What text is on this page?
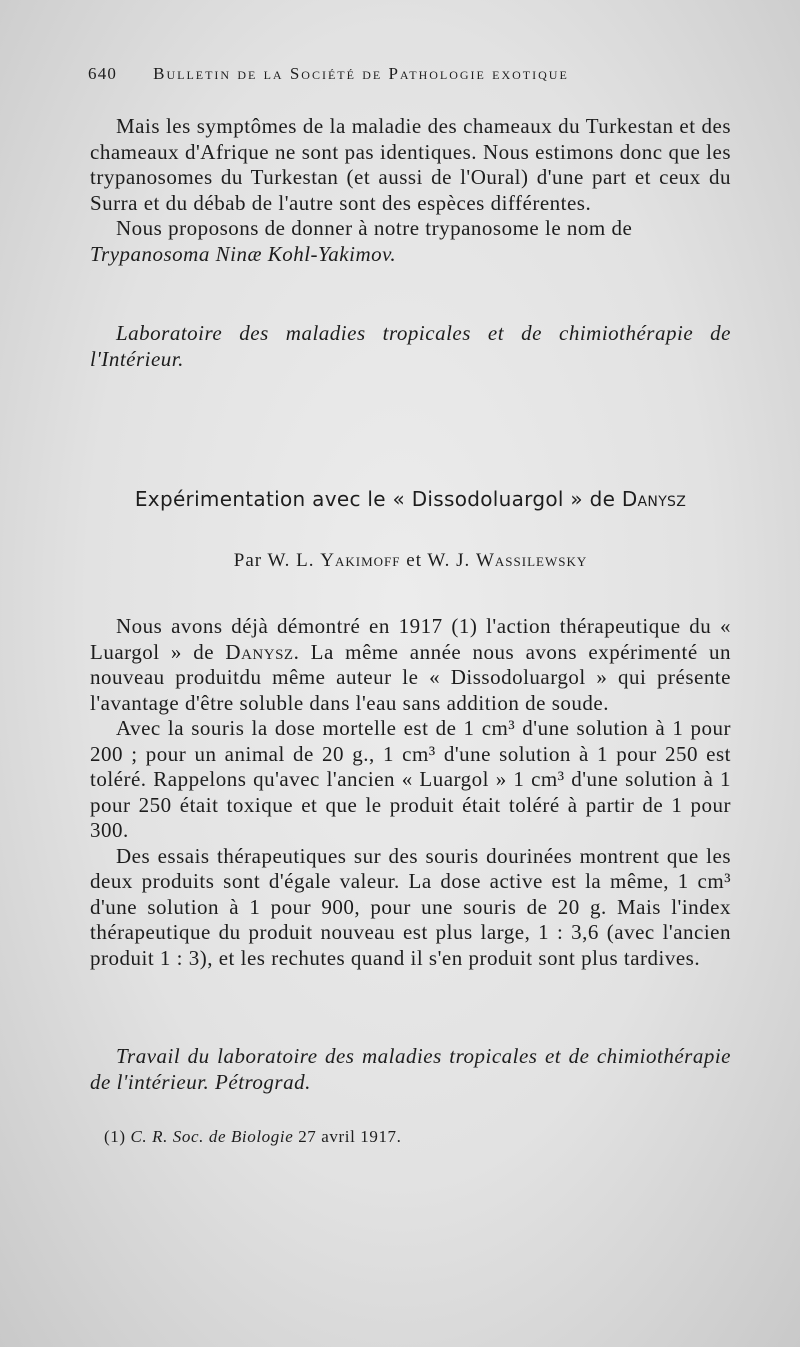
640 Bulletin de la Société de Pathologie exotique

Mais les symptômes de la maladie des chameaux du Turkestan et des chameaux d'Afrique ne sont pas identiques. Nous estimons donc que les trypanosomes du Turkestan (et aussi de l'Oural) d'une part et ceux du Surra et du débab de l'autre sont des espèces différentes.

Nous proposons de donner à notre trypanosome le nom de

Trypanosoma Ninæ Kohl-Yakimov.

Laboratoire des maladies tropicales et de chimiothérapie de l'Intérieur.

Expérimentation avec le « Dissodoluargol » de Danysz
Par W. L. Yakimoff et W. J. Wassilewsky

Nous avons déjà démontré en 1917 (1) l'action thérapeutique du « Luargol » de Danysz. La même année nous avons expérimenté un nouveau produitdu même auteur le « Dissodoluargol » qui présente l'avantage d'être soluble dans l'eau sans addition de soude.

Avec la souris la dose mortelle est de 1 cm³ d'une solution à 1 pour 200 ; pour un animal de 20 g., 1 cm³ d'une solution à 1 pour 250 est toléré. Rappelons qu'avec l'ancien « Luargol » 1 cm³ d'une solution à 1 pour 250 était toxique et que le produit était toléré à partir de 1 pour 300.

Des essais thérapeutiques sur des souris dourinées montrent que les deux produits sont d'égale valeur. La dose active est la même, 1 cm³ d'une solution à 1 pour 900, pour une souris de 20 g. Mais l'index thérapeutique du produit nouveau est plus large, 1 : 3,6 (avec l'ancien produit 1 : 3), et les rechutes quand il s'en produit sont plus tardives.

Travail du laboratoire des maladies tropicales et de chimiothérapie de l'intérieur. Pétrograd.

(1) C. R. Soc. de Biologie 27 avril 1917.
